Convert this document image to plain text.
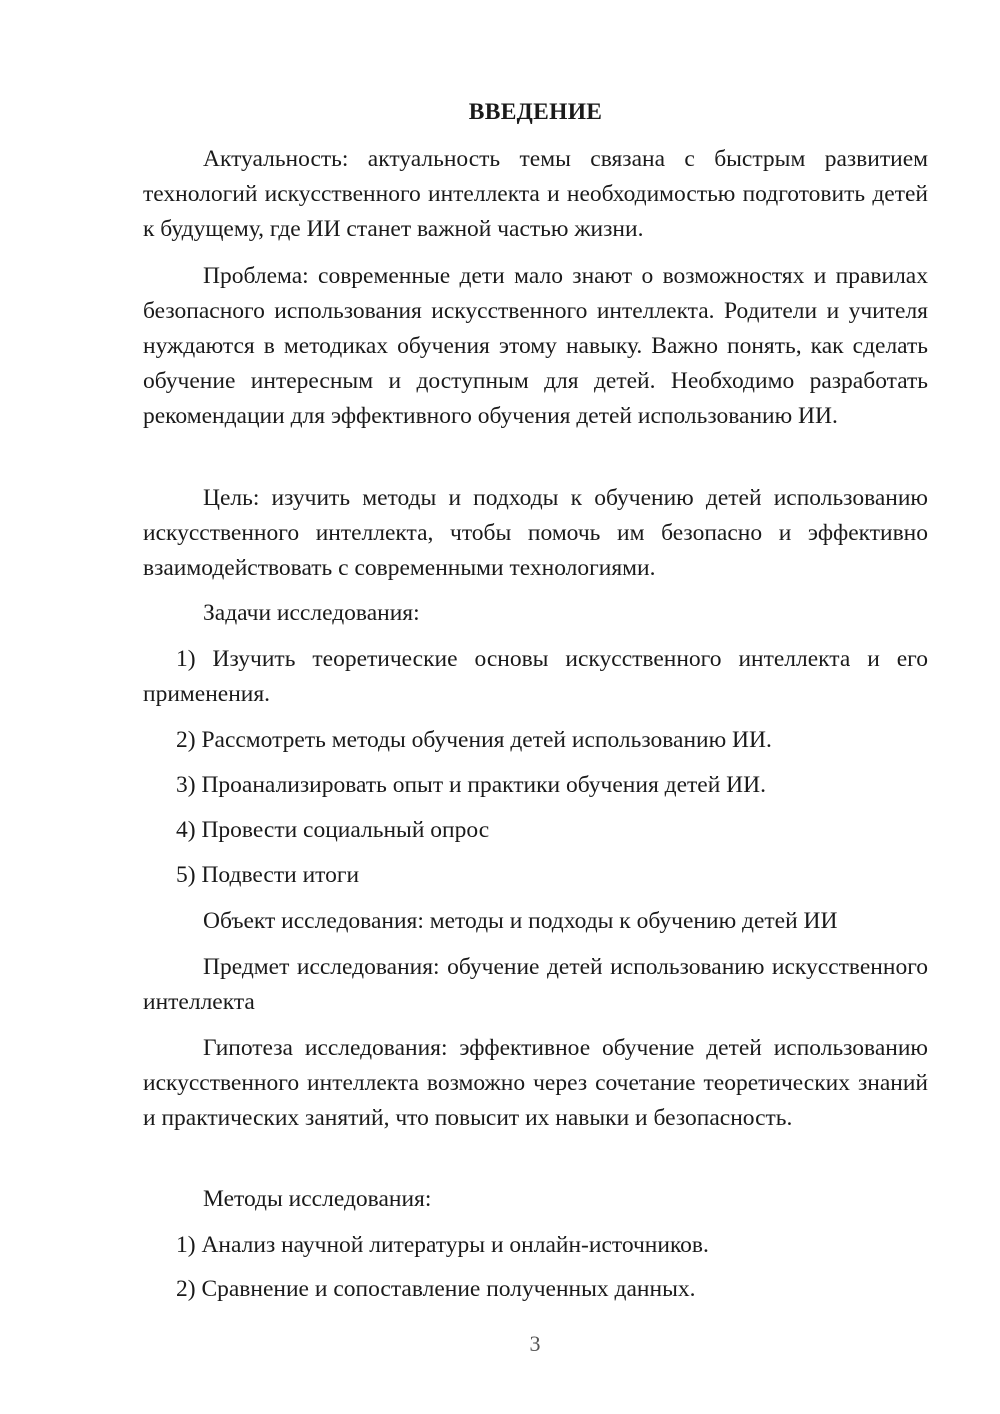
ВВЕДЕНИЕ

Актуальность: актуальность темы связана с быстрым развитием технологий искусственного интеллекта и необходимостью подготовить детей к будущему, где ИИ станет важной частью жизни.

Проблема: современные дети мало знают о возможностях и правилах безопасного использования искусственного интеллекта. Родители и учителя нуждаются в методиках обучения этому навыку. Важно понять, как сделать обучение интересным и доступным для детей. Необходимо разработать рекомендации для эффективного обучения детей использованию ИИ.

Цель: изучить методы и подходы к обучению детей использованию искусственного интеллекта, чтобы помочь им безопасно и эффективно взаимодействовать с современными технологиями.

Задачи исследования:

1) Изучить теоретические основы искусственного интеллекта и его применения.

2) Рассмотреть методы обучения детей использованию ИИ.

3) Проанализировать опыт и практики обучения детей ИИ.

4) Провести социальный опрос

5) Подвести итоги

Объект исследования: методы и подходы к обучению детей ИИ

Предмет исследования: обучение детей использованию искусственного интеллекта

Гипотеза исследования: эффективное обучение детей использованию искусственного интеллекта возможно через сочетание теоретических знаний и практических занятий, что повысит их навыки и безопасность.

Методы исследования:

1) Анализ научной литературы и онлайн-источников.

2) Сравнение и сопоставление полученных данных.

3
